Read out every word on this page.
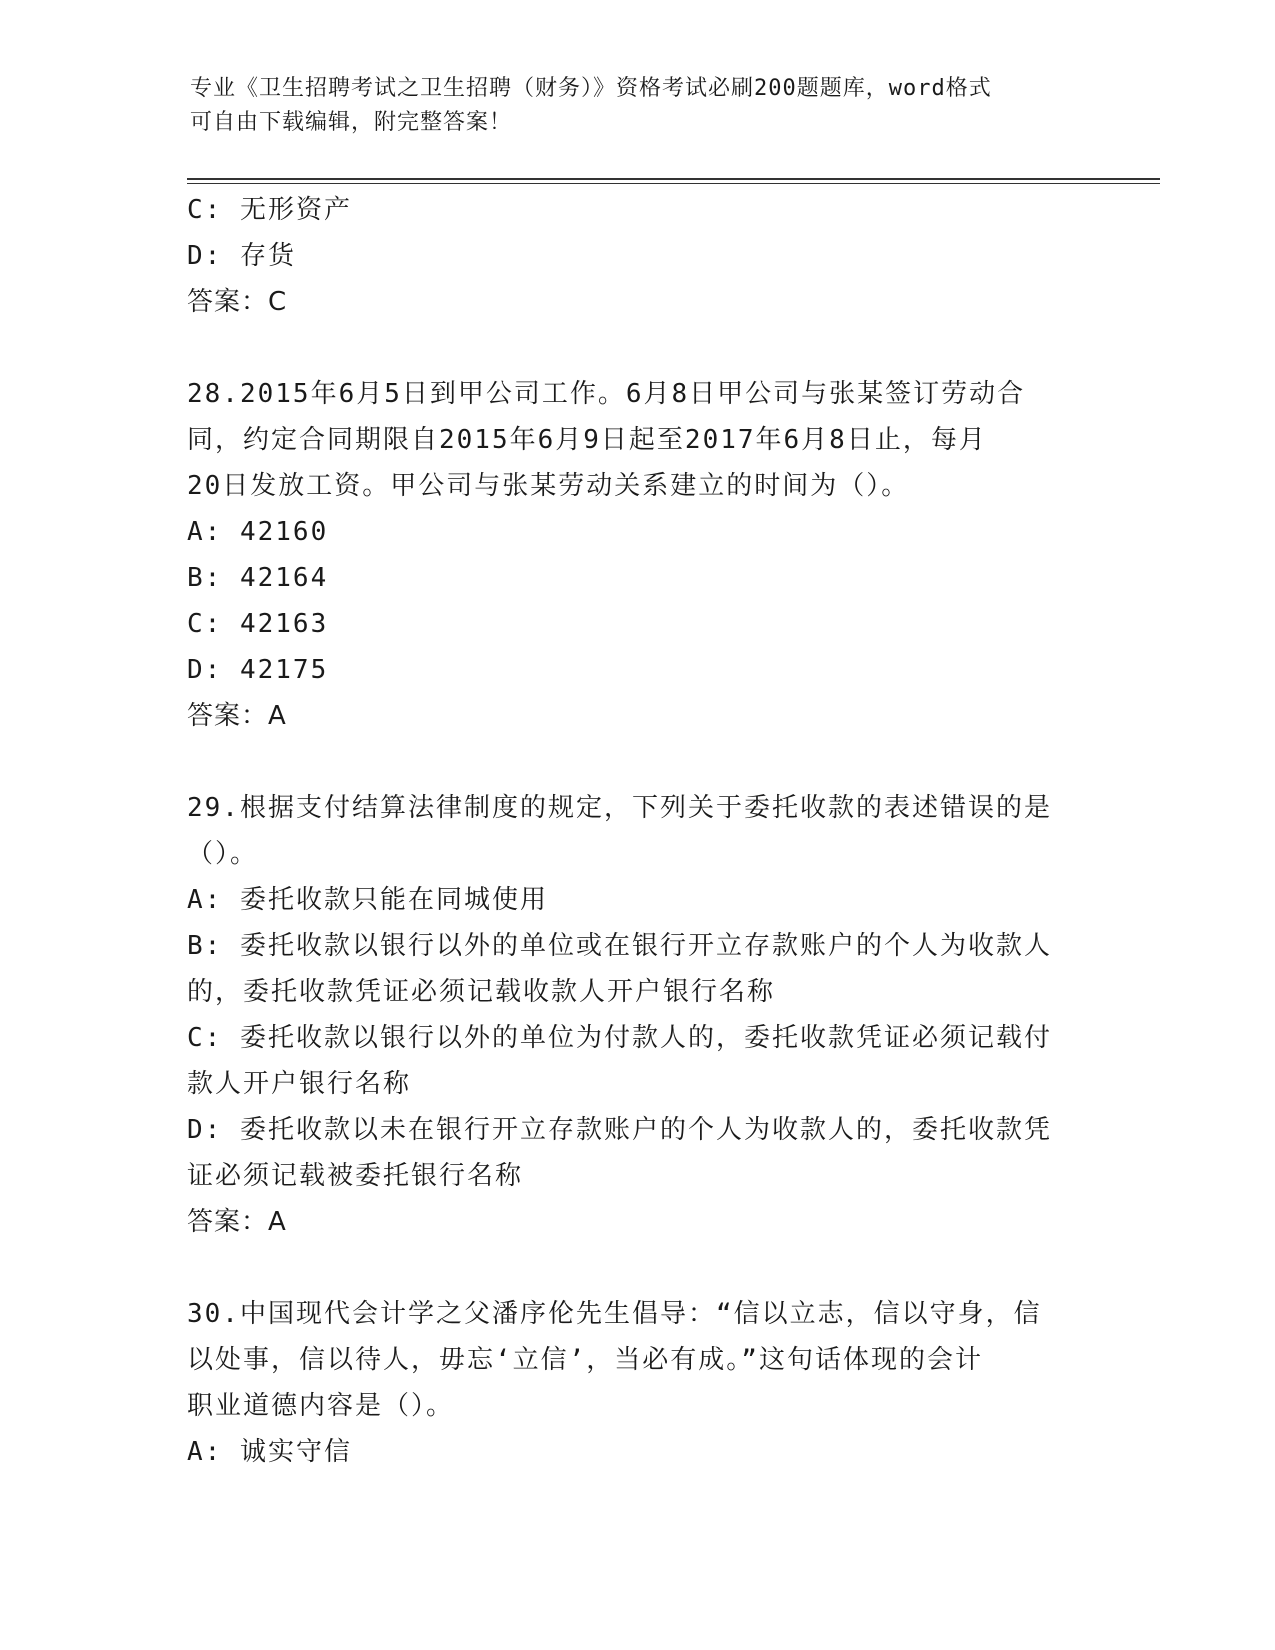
专业《卫生招聘考试之卫生招聘（财务）》资格考试必刷200题题库，word格式
可自由下载编辑，附完整答案！
C: 无形资产
D: 存货
答案：C
28.2015年6月5日到甲公司工作。6月8日甲公司与张某签订劳动合
同，约定合同期限自2015年6月9日起至2017年6月8日止，每月
20日发放工资。甲公司与张某劳动关系建立的时间为（）。
A: 42160
B: 42164
C: 42163
D: 42175
答案：A
29.根据支付结算法律制度的规定，下列关于委托收款的表述错误的是
（）。
A: 委托收款只能在同城使用
B: 委托收款以银行以外的单位或在银行开立存款账户的个人为收款人
的，委托收款凭证必须记载收款人开户银行名称
C: 委托收款以银行以外的单位为付款人的，委托收款凭证必须记载付
款人开户银行名称
D: 委托收款以未在银行开立存款账户的个人为收款人的，委托收款凭
证必须记载被委托银行名称
答案：A
30.中国现代会计学之父潘序伦先生倡导：“信以立志，信以守身，信
以处事，信以待人，毋忘‘立信’，当必有成。”这句话体现的会计
职业道德内容是（）。
A: 诚实守信
